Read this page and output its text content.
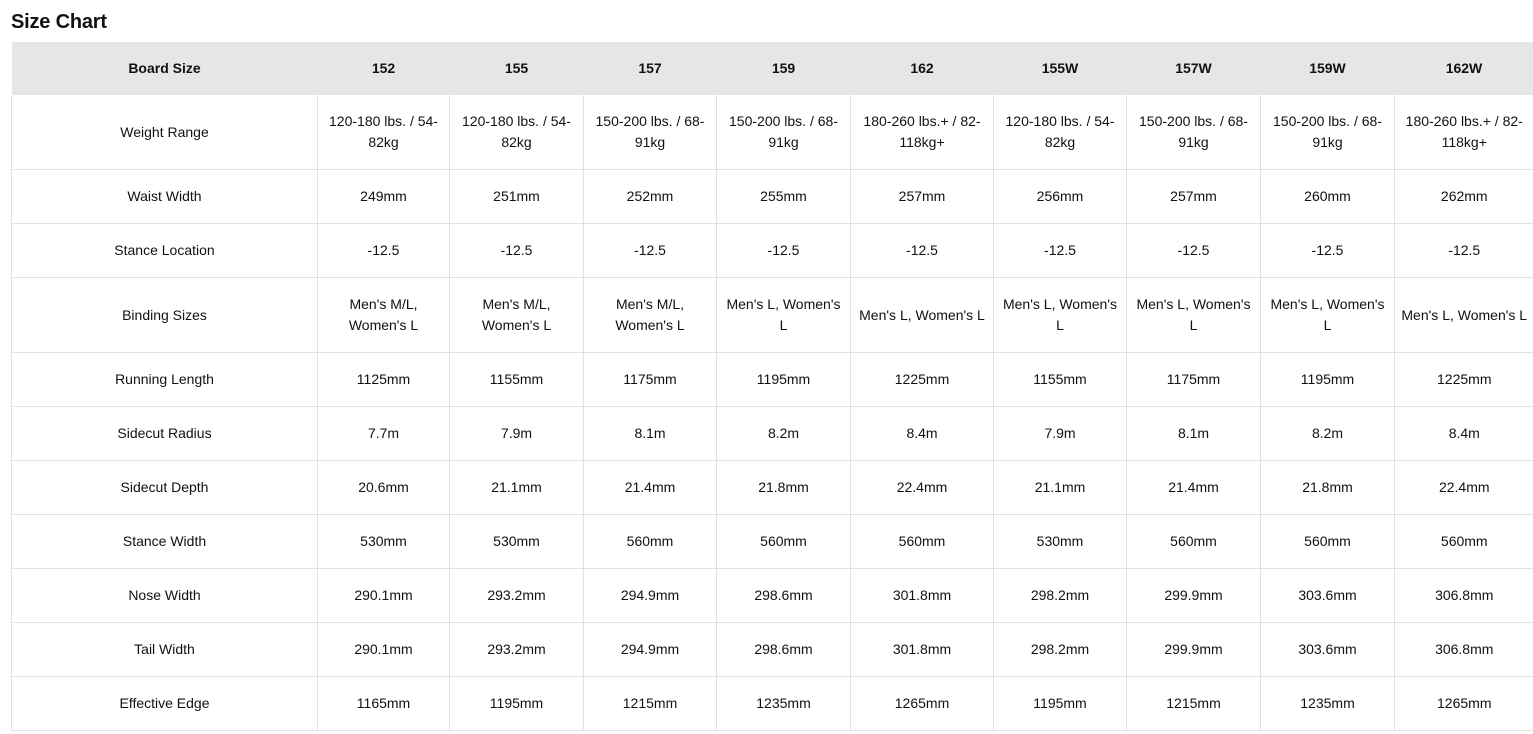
Size Chart
Board Size	152	155	157	159	162	155W	157W	159W	162W
Weight Range	120-180 lbs. / 54-82kg	120-180 lbs. / 54-82kg	150-200 lbs. / 68-91kg	150-200 lbs. / 68-91kg	180-260 lbs.+ / 82-118kg+	120-180 lbs. / 54-82kg	150-200 lbs. / 68-91kg	150-200 lbs. / 68-91kg	180-260 lbs.+ / 82-118kg+
Waist Width	249mm	251mm	252mm	255mm	257mm	256mm	257mm	260mm	262mm
Stance Location	-12.5	-12.5	-12.5	-12.5	-12.5	-12.5	-12.5	-12.5	-12.5
Binding Sizes	Men's M/L, Women's L	Men's M/L, Women's L	Men's M/L, Women's L	Men's L, Women's L	Men's L, Women's L	Men's L, Women's L	Men's L, Women's L	Men's L, Women's L	Men's L, Women's L
Running Length	1125mm	1155mm	1175mm	1195mm	1225mm	1155mm	1175mm	1195mm	1225mm
Sidecut Radius	7.7m	7.9m	8.1m	8.2m	8.4m	7.9m	8.1m	8.2m	8.4m
Sidecut Depth	20.6mm	21.1mm	21.4mm	21.8mm	22.4mm	21.1mm	21.4mm	21.8mm	22.4mm
Stance Width	530mm	530mm	560mm	560mm	560mm	530mm	560mm	560mm	560mm
Nose Width	290.1mm	293.2mm	294.9mm	298.6mm	301.8mm	298.2mm	299.9mm	303.6mm	306.8mm
Tail Width	290.1mm	293.2mm	294.9mm	298.6mm	301.8mm	298.2mm	299.9mm	303.6mm	306.8mm
Effective Edge	1165mm	1195mm	1215mm	1235mm	1265mm	1195mm	1215mm	1235mm	1265mm
